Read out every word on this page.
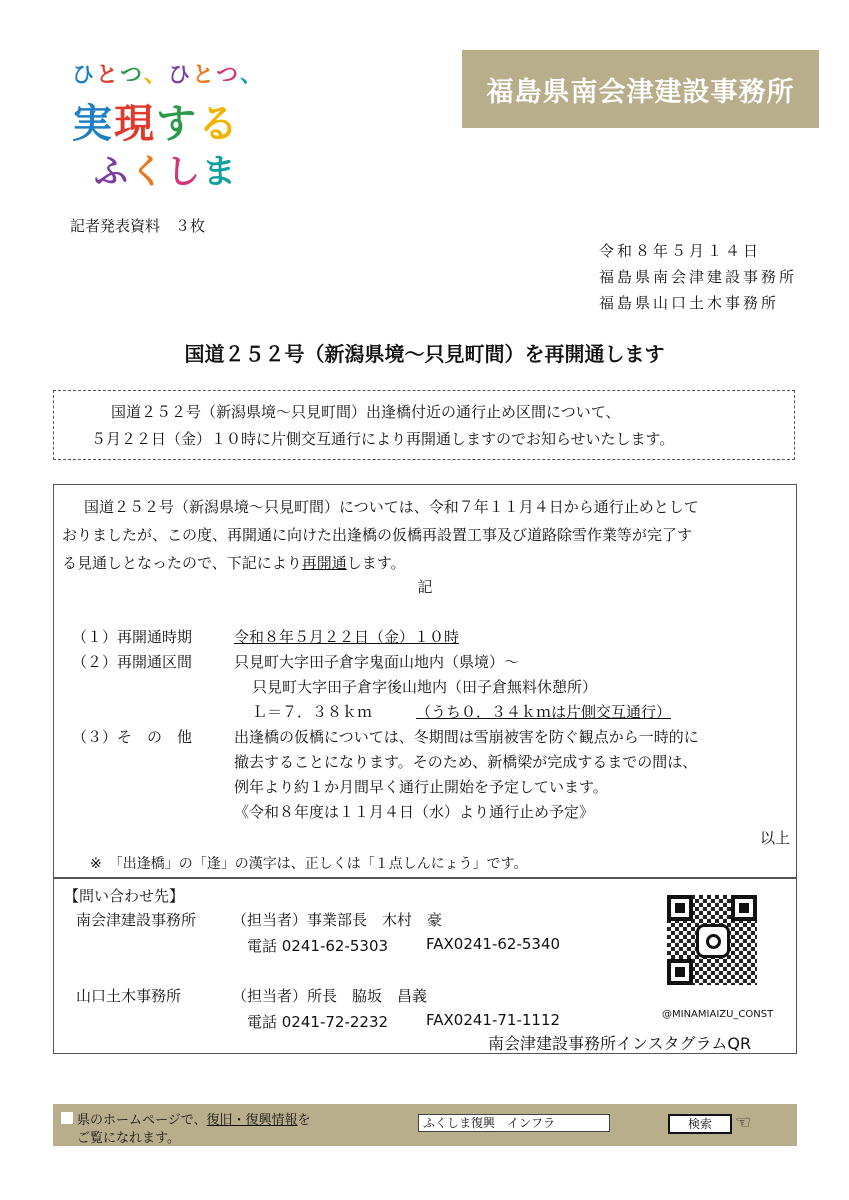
ひ と つ 、 ひ と つ 、
実 現 す る
ふ く し ま
福島県南会津建設事務所
記者発表資料　３枚
令和８年５月１４日
福島県南会津建設事務所
福島県山口土木事務所
国道２５２号（新潟県境～只見町間）を再開通します

国道２５２号（新潟県境～只見町間）出逢橋付近の通行止め区間について、

５月２２日（金）１０時に片側交互通行により再開通しますのでお知らせいたします。

国道２５２号（新潟県境～只見町間）については、令和７年１１月４日から通行止めとして

おりましたが、この度、再開通に向けた出逢橋の仮橋再設置工事及び道路除雪作業等が完了す

る見通しとなったので、下記により再開通します。

記
（１）再開通時期	令和８年５月２２日（金）１０時
（２）再開通区間	只見町大字田子倉字鬼面山地内（県境）～
只見町大字田子倉字後山地内（田子倉無料休憩所）
Ｌ＝７．３８ｋｍ	（うち０．３４ｋｍは片側交互通行）
（３）そ　の　他	出逢橋の仮橋については、冬期間は雪崩被害を防ぐ観点から一時的に
撤去することになります。そのため、新橋梁が完成するまでの間は、
例年より約１か月間早く通行止開始を予定しています。
《令和８年度は１１月４日（水）より通行止め予定》
以上
※　「出逢橋」の「逢」の漢字は、正しくは「１点しんにょう」です。
【問い合わせ先】
南会津建設事務所 （担当者）事業部長　木村　豪
電話 0241-62-5303	FAX0241-62-5340
山口土木事務所	（担当者）所長　脇坂　昌義
電話 0241-72-2232	FAX0241-71-1112	@MINAMIAIZU_CONST
南会津建設事務所インスタグラムQR
県のホームページで、復旧・復興情報を
ご覧になれます。
ふくしま復興　インフラ	検索	☜
